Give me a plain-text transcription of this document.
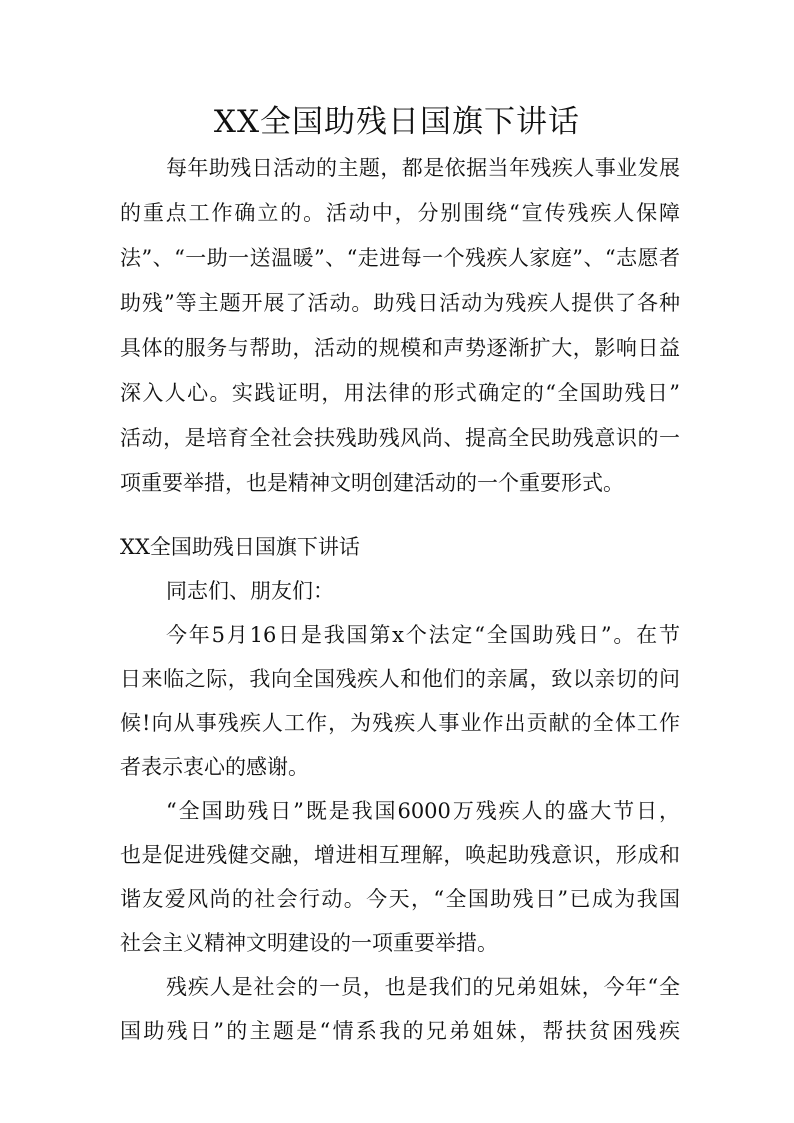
XX全国助残日国旗下讲话
每年助残日活动的主题，都是依据当年残疾人事业发展
的重点工作确立的。活动中，分别围绕“宣传残疾人保障
法”、“一助一送温暖”、“走进每一个残疾人家庭”、“志愿者
助残”等主题开展了活动。助残日活动为残疾人提供了各种
具体的服务与帮助，活动的规模和声势逐渐扩大，影响日益
深入人心。实践证明，用法律的形式确定的“全国助残日”
活动，是培育全社会扶残助残风尚、提高全民助残意识的一
项重要举措，也是精神文明创建活动的一个重要形式。
XX全国助残日国旗下讲话
同志们、朋友们：
今年5月16日是我国第x个法定“全国助残日”。在节
日来临之际，我向全国残疾人和他们的亲属，致以亲切的问
候!向从事残疾人工作，为残疾人事业作出贡献的全体工作
者表示衷心的感谢。
“全国助残日”既是我国6000万残疾人的盛大节日，
也是促进残健交融，增进相互理解，唤起助残意识，形成和
谐友爱风尚的社会行动。今天，“全国助残日”已成为我国
社会主义精神文明建设的一项重要举措。
残疾人是社会的一员，也是我们的兄弟姐妹，今年“全
国助残日”的主题是“情系我的兄弟姐妹，帮扶贫困残疾
